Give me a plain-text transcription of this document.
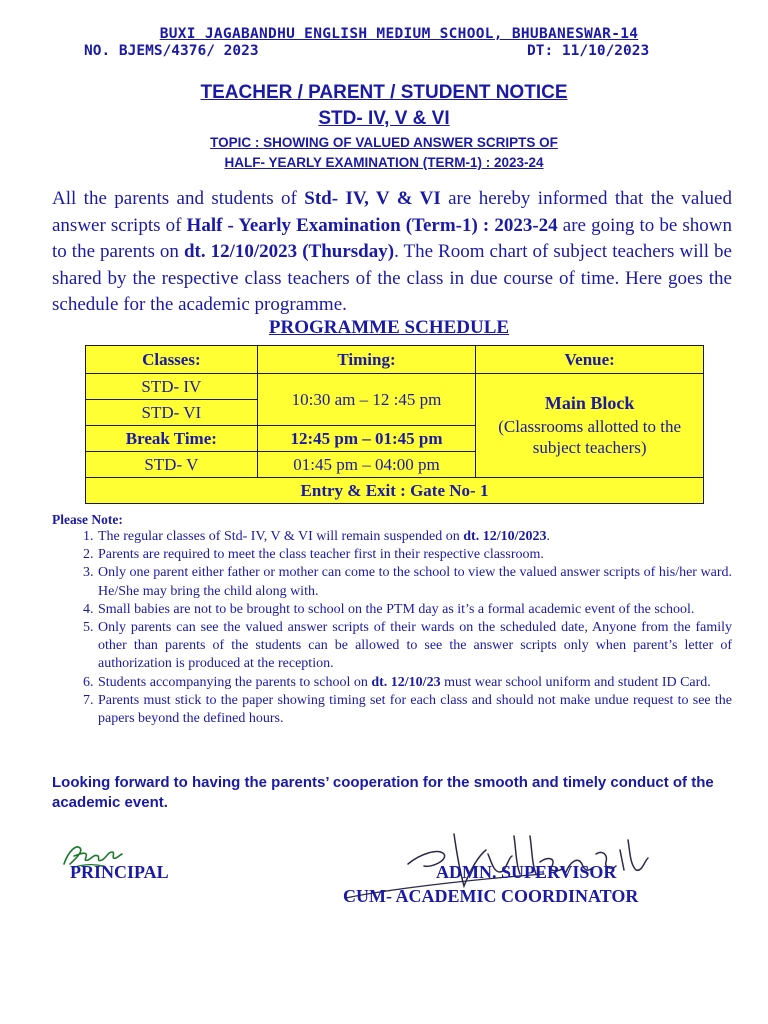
BUXI JAGABANDHU ENGLISH MEDIUM SCHOOL, BHUBANESWAR-14
NO. BJEMS/4376/ 2023	DT: 11/10/2023
TEACHER / PARENT / STUDENT NOTICE
STD- IV, V & VI
TOPIC : SHOWING OF VALUED ANSWER SCRIPTS OF
HALF- YEARLY EXAMINATION (TERM-1) : 2023-24

All the parents and students of Std- IV, V & VI are hereby informed that the valued answer scripts of Half - Yearly Examination (Term-1) : 2023-24 are going to be shown to the parents on dt. 12/10/2023 (Thursday). The Room chart of subject teachers will be shared by the respective class teachers of the class in due course of time. Here goes the schedule for the academic programme.

PROGRAMME SCHEDULE
Classes:	Timing:	Venue:
STD- IV	10:30 am – 12 :45 pm	Main Block
(Classrooms allotted to the subject teachers)

STD- VI		
Break Time:	12:45 pm – 01:45 pm	
STD- V	01:45 pm – 04:00 pm	
Entry & Exit : Gate No- 1		
Please Note:
1. The regular classes of Std- IV, V & VI will remain suspended on dt. 12/10/2023.
2. Parents are required to meet the class teacher first in their respective classroom.
3. Only one parent either father or mother can come to the school to view the valued answer scripts of his/her ward. He/She may bring the child along with.
4. Small babies are not to be brought to school on the PTM day as it’s a formal academic event of the school.
5. Only parents can see the valued answer scripts of their wards on the scheduled date, Anyone from the family other than parents of the students can be allowed to see the answer scripts only when parent’s letter of authorization is produced at the reception.
6. Students accompanying the parents to school on dt. 12/10/23 must wear school uniform and student ID Card.
7. Parents must stick to the paper showing timing set for each class and should not make undue request to see the papers beyond the defined hours.

Looking forward to having the parents’ cooperation for the smooth and timely conduct of the academic event.

PRINCIPAL	ADMN. SUPERVISOR
CUM- ACADEMIC COORDINATOR
